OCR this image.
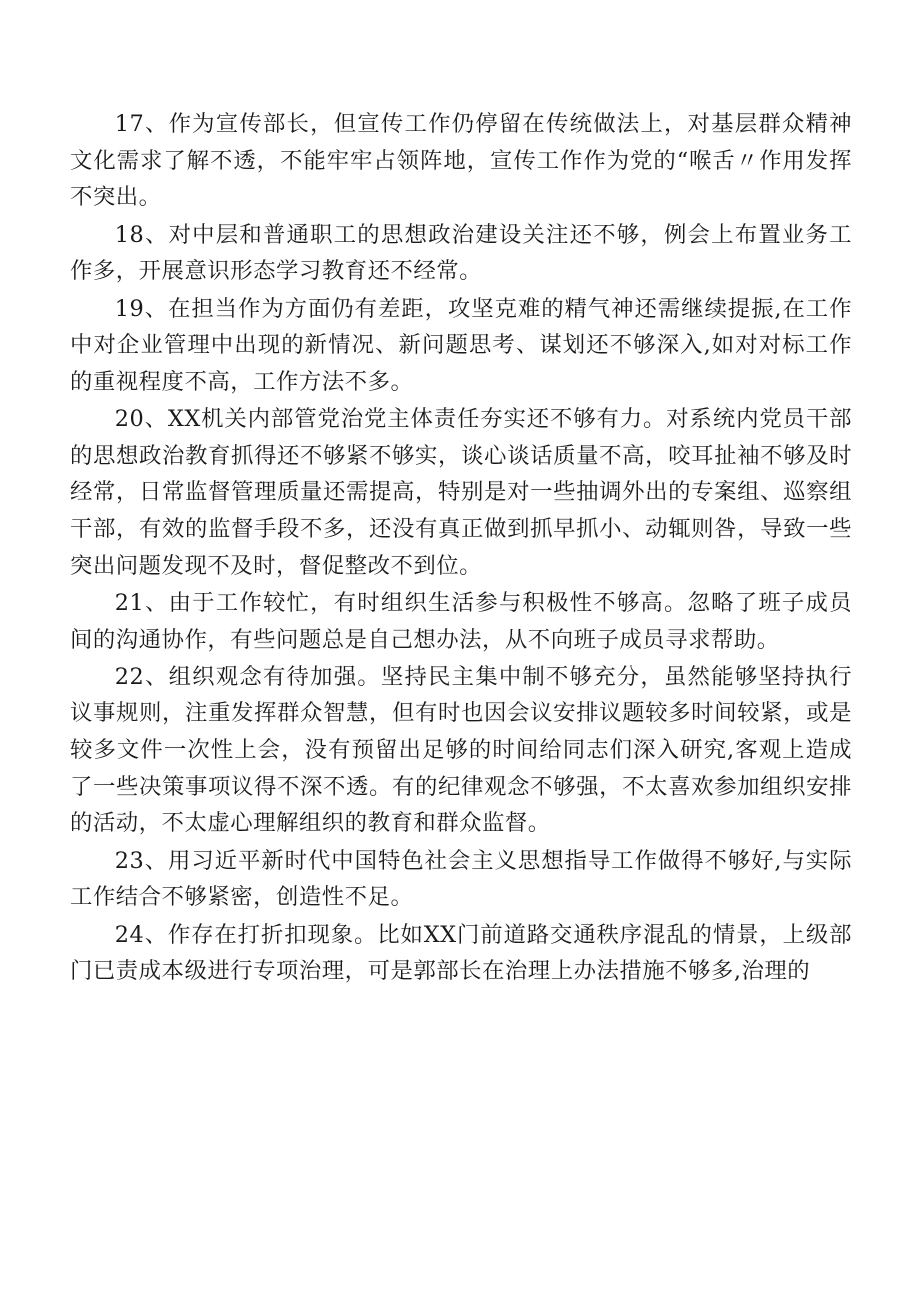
17、作为宣传部长，但宣传工作仍停留在传统做法上，对基层群众精神文化需求了解不透，不能牢牢占领阵地，宣传工作作为党的“喉舌〃作用发挥不突出。

18、对中层和普通职工的思想政治建设关注还不够，例会上布置业务工作多，开展意识形态学习教育还不经常。

19、在担当作为方面仍有差距，攻坚克难的精气神还需继续提振,在工作中对企业管理中出现的新情况、新问题思考、谋划还不够深入,如对对标工作的重视程度不高，工作方法不多。

20、XX机关内部管党治党主体责任夯实还不够有力。对系统内党员干部的思想政治教育抓得还不够紧不够实，谈心谈话质量不高，咬耳扯袖不够及时经常，日常监督管理质量还需提高，特别是对一些抽调外出的专案组、巡察组干部，有效的监督手段不多，还没有真正做到抓早抓小、动辄则咎，导致一些突出问题发现不及时，督促整改不到位。

21、由于工作较忙，有时组织生活参与积极性不够高。忽略了班子成员间的沟通协作，有些问题总是自己想办法，从不向班子成员寻求帮助。

22、组织观念有待加强。坚持民主集中制不够充分，虽然能够坚持执行议事规则，注重发挥群众智慧，但有时也因会议安排议题较多时间较紧，或是较多文件一次性上会，没有预留出足够的时间给同志们深入研究,客观上造成了一些决策事项议得不深不透。有的纪律观念不够强，不太喜欢参加组织安排的活动，不太虚心理解组织的教育和群众监督。

23、用习近平新时代中国特色社会主义思想指导工作做得不够好,与实际工作结合不够紧密，创造性不足。

24、作存在打折扣现象。比如XX门前道路交通秩序混乱的情景，上级部门已责成本级进行专项治理，可是郭部长在治理上办法措施不够多,治理的
